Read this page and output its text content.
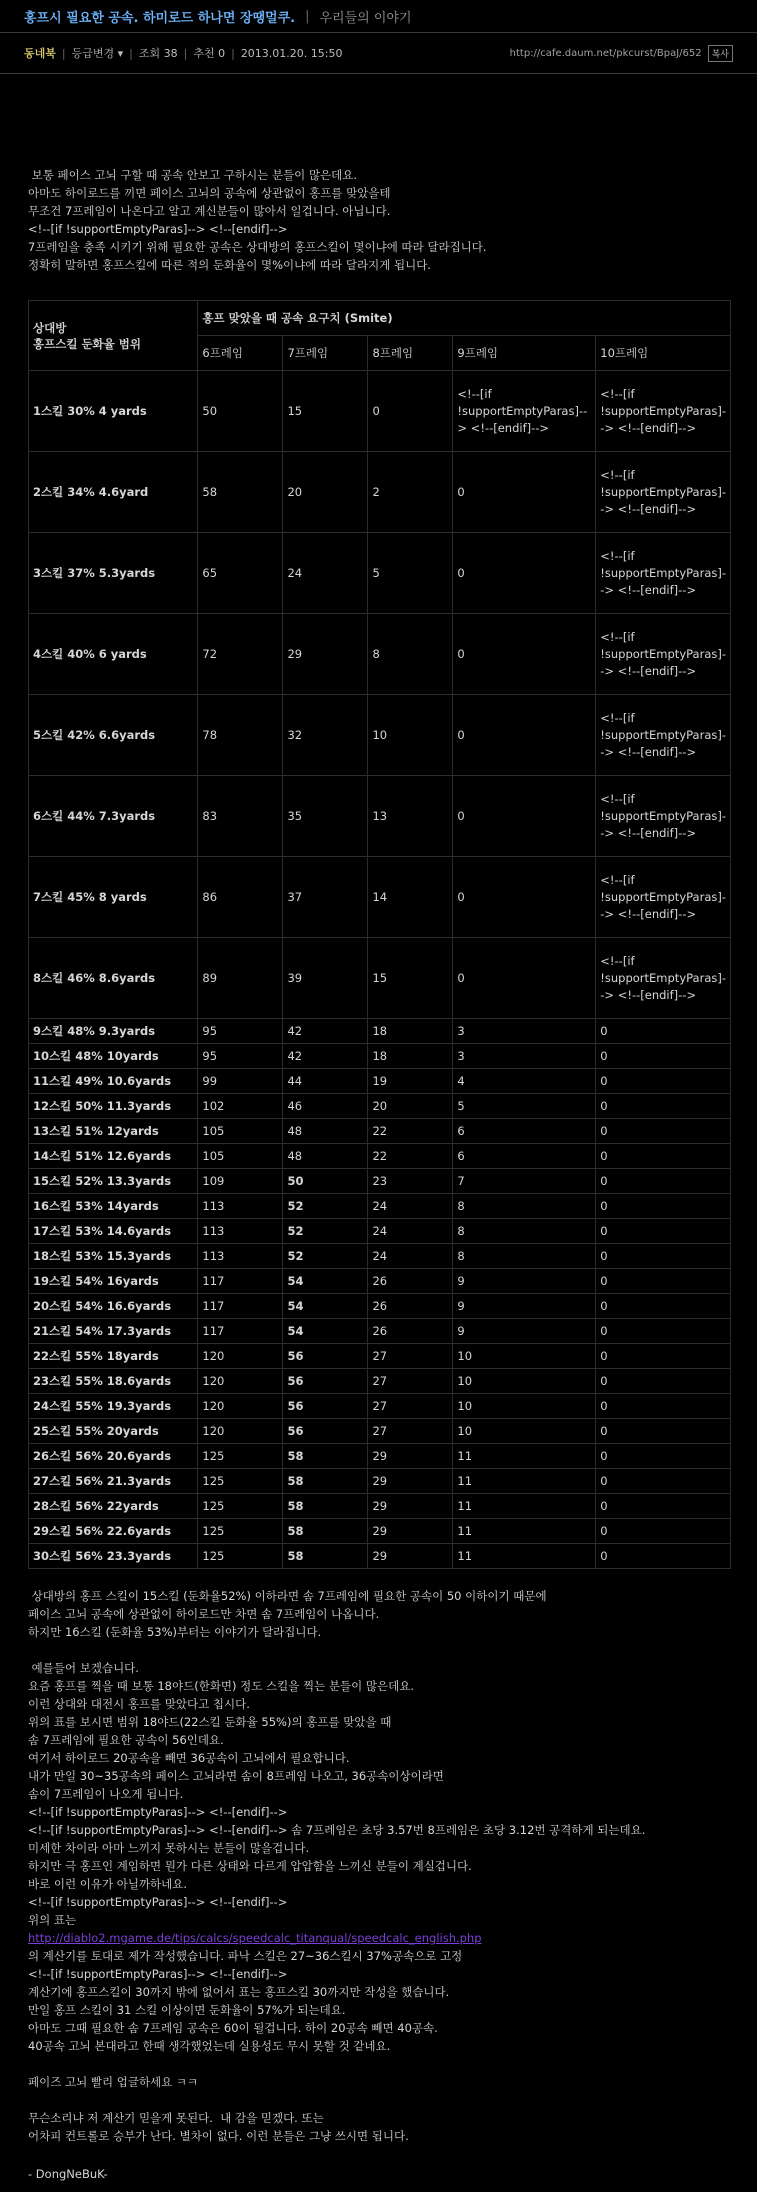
홍프시 필요한 공속. 하미로드 하나면 장땡멀쿠. | 우리들의 이야기
동네북 | 등급변경 ▾ | 조회 38 | 추천 0 | 2013.01.20. 15:50	http://cafe.daum.net/pkcurst/BpaJ/652	복사
보통 페이스 고뇌 구할 때 공속 안보고 구하시는 분들이 많은데요.
아마도 하이로드를 끼면 페이스 고뇌의 공속에 상관없이 홍프를 맞았을테
무조건 7프레임이 나온다고 알고 계신분들이 많아서 일겁니다. 아닙니다.
<!--[if !supportEmptyParas]--> <!--[endif]-->
7프레임을 충족 시키기 위해 필요한 공속은 상대방의 홍프스킬이 몇이냐에 따라 달라집니다.
정확히 말하면 홍프스킬에 따른 적의 둔화율이 몇%이냐에 따라 달라지게 됩니다.
상대방
홍프스킬 둔화율 범위	홍프 맞았을 때 공속 요구치 (Smite)				
	6프레임	7프레임	8프레임	9프레임	10프레임
1스킬 30% 4 yards	50	15	0	<!--[if !supportEmptyParas]--> <!--[endif]-->	<!--[if !supportEmptyParas]--> <!--[endif]-->
2스킬 34% 4.6yard	58	20	2	0	<!--[if !supportEmptyParas]--> <!--[endif]-->
3스킬 37% 5.3yards	65	24	5	0	<!--[if !supportEmptyParas]--> <!--[endif]-->
4스킬 40% 6 yards	72	29	8	0	<!--[if !supportEmptyParas]--> <!--[endif]-->
5스킬 42% 6.6yards	78	32	10	0	<!--[if !supportEmptyParas]--> <!--[endif]-->
6스킬 44% 7.3yards	83	35	13	0	<!--[if !supportEmptyParas]--> <!--[endif]-->
7스킬 45% 8 yards	86	37	14	0	<!--[if !supportEmptyParas]--> <!--[endif]-->
8스킬 46% 8.6yards	89	39	15	0	<!--[if !supportEmptyParas]--> <!--[endif]-->
9스킬 48% 9.3yards	95	42	18	3	0
10스킬 48% 10yards	95	42	18	3	0
11스킬 49% 10.6yards	99	44	19	4	0
12스킬 50% 11.3yards	102	46	20	5	0
13스킬 51% 12yards	105	48	22	6	0
14스킬 51% 12.6yards	105	48	22	6	0
15스킬 52% 13.3yards	109	50	23	7	0
16스킬 53% 14yards	113	52	24	8	0
17스킬 53% 14.6yards	113	52	24	8	0
18스킬 53% 15.3yards	113	52	24	8	0
19스킬 54% 16yards	117	54	26	9	0
20스킬 54% 16.6yards	117	54	26	9	0
21스킬 54% 17.3yards	117	54	26	9	0
22스킬 55% 18yards	120	56	27	10	0
23스킬 55% 18.6yards	120	56	27	10	0
24스킬 55% 19.3yards	120	56	27	10	0
25스킬 55% 20yards	120	56	27	10	0
26스킬 56% 20.6yards	125	58	29	11	0
27스킬 56% 21.3yards	125	58	29	11	0
28스킬 56% 22yards	125	58	29	11	0
29스킬 56% 22.6yards	125	58	29	11	0
30스킬 56% 23.3yards	125	58	29	11	0
상대방의 홍프 스킬이 15스킬 (둔화율52%) 이하라면 솜 7프레임에 필요한 공속이 50 이하이기 때문에
페이스 고뇌 공속에 상관없이 하이로드만 차면 솜 7프레임이 나옵니다.
하지만 16스킬 (둔화율 53%)부터는 이야기가 달라집니다.
예를들어 보겠습니다.
요즘 홍프를 찍을 때 보통 18야드(한화면) 정도 스킬을 찍는 분들이 많은데요.
이런 상대와 대전시 홍프를 맞았다고 칩시다.
위의 표를 보시면 범위 18야드(22스킬 둔화율 55%)의 홍프를 맞았을 때
솜 7프레임에 필요한 공속이 56인데요.
여기서 하이로드 20공속을 빼면 36공속이 고뇌에서 필요합니다.
내가 만일 30~35공속의 페이스 고뇌라면 솜이 8프레임 나오고, 36공속이상이라면
솜이 7프레임이 나오게 됩니다.
<!--[if !supportEmptyParas]--> <!--[endif]-->
<!--[if !supportEmptyParas]--> <!--[endif]--> 솜 7프레임은 초당 3.57번 8프레임은 초당 3.12번 공격하게 되는데요.
미세한 차이라 아마 느끼지 못하시는 분들이 많을겁니다.
하지만 극 홍프인 계임하면 뭔가 다른 상태와 다르게 압압함을 느끼신 분들이 계실겁니다.
바로 이런 이유가 아닐까하네요.
<!--[if !supportEmptyParas]--> <!--[endif]-->
위의 표는
http://diablo2.mgame.de/tips/calcs/speedcalc_titanqual/speedcalc_english.php
의 계산기를 토대로 제가 작성했습니다. 파낙 스킬은 27~36스킬시 37%공속으로 고정
<!--[if !supportEmptyParas]--> <!--[endif]-->
계산기에 홍프스킬이 30까지 밖에 없어서 표는 홍프스킬 30까지만 작성을 했습니다.
만일 홍프 스킬이 31 스킬 이상이면 둔화율이 57%가 되는데요.
아마도 그때 필요한 솜 7프레임 공속은 60이 될겁니다. 하이 20공속 빼면 40공속.
40공속 고뇌 본대라고 한때 생각했었는데 실용성도 무시 못할 것 같네요.
페이즈 고뇌 빨리 업글하세요 ㅋㅋ
무슨소리냐 저 계산기 믿을게 못된다.  내 감을 믿겠다. 또는
어차피 컨트롤로 승부가 난다. 별차이 없다. 이런 분들은 그냥 쓰시면 됩니다.
- DongNeBuK-
